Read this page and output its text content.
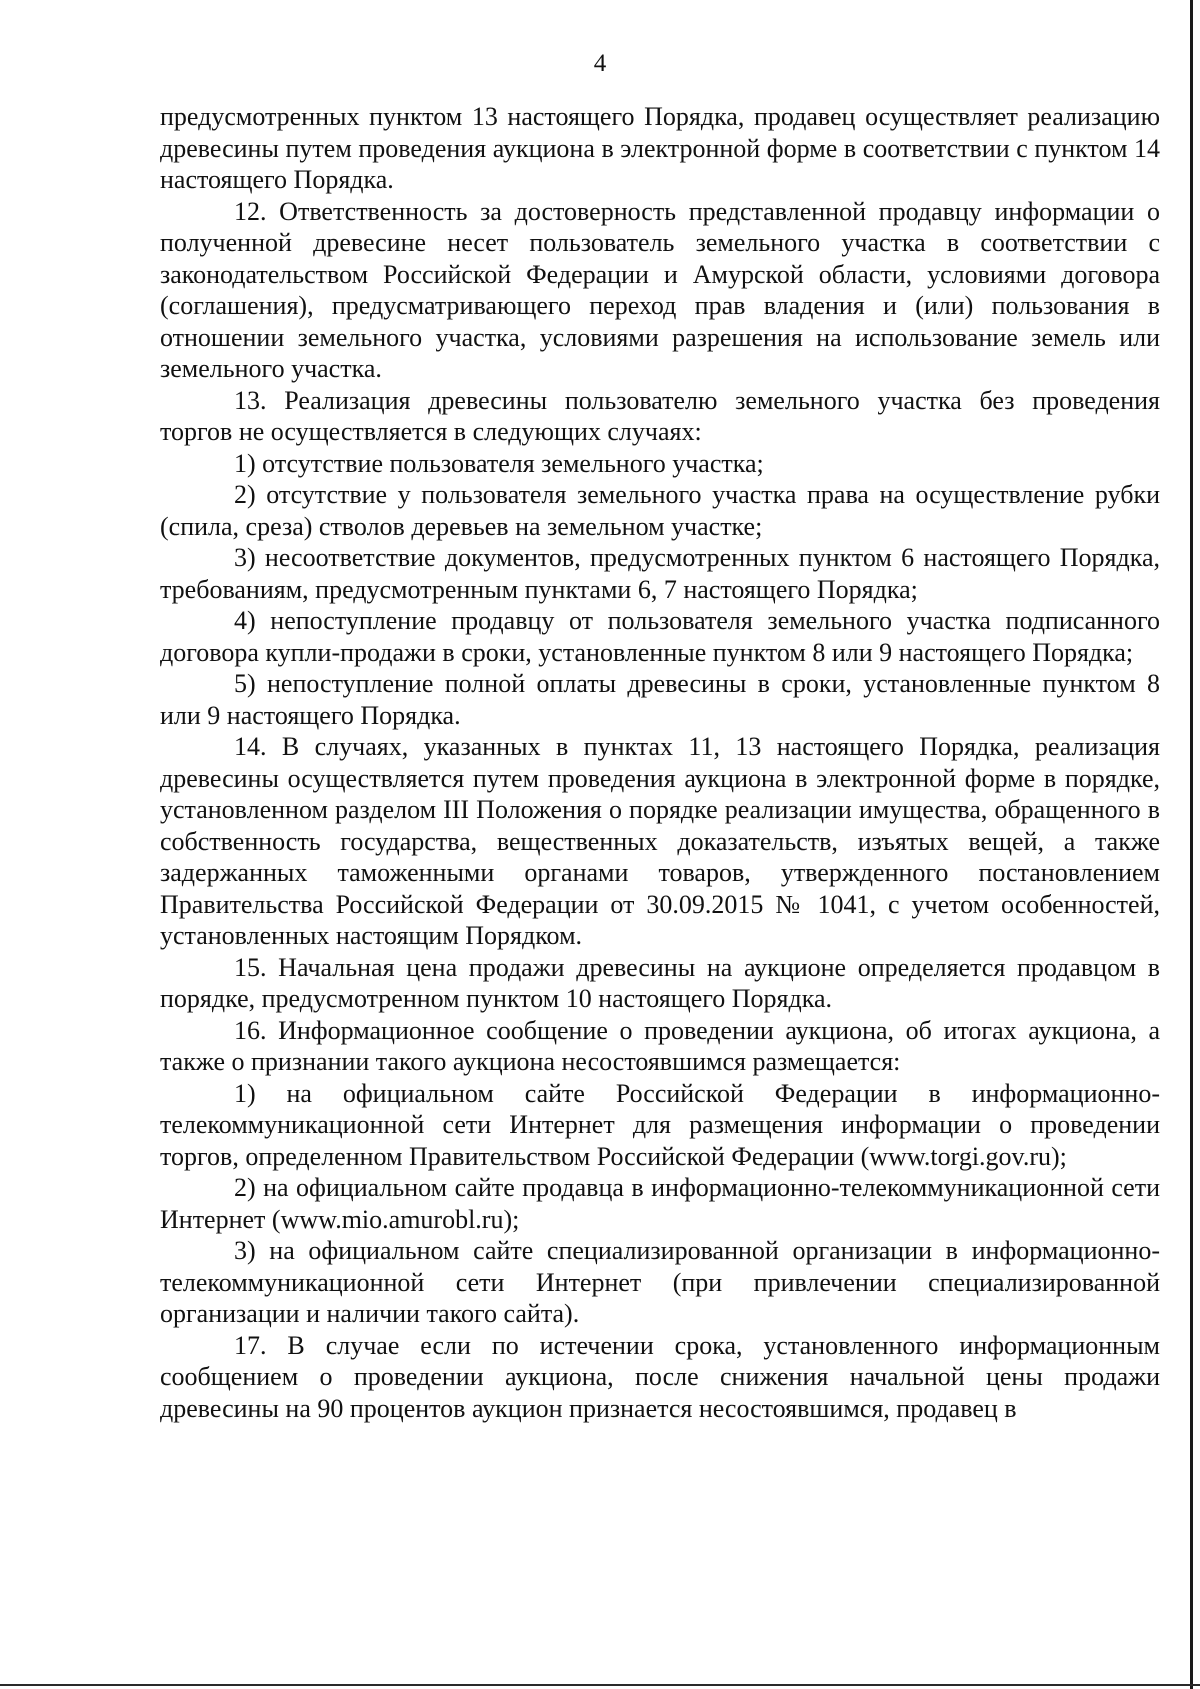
4

предусмотренных пунктом 13 настоящего Порядка, продавец осуществляет реализацию древесины путем проведения аукциона в электронной форме в соответствии с пунктом 14 настоящего Порядка.

12. Ответственность за достоверность представленной продавцу информации о полученной древесине несет пользователь земельного участка в соответствии с законодательством Российской Федерации и Амурской области, условиями договора (соглашения), предусматривающего переход прав владения и (или) пользования в отношении земельного участка, условиями разрешения на использование земель или земельного участка.

13. Реализация древесины пользователю земельного участка без проведения торгов не осуществляется в следующих случаях:

1) отсутствие пользователя земельного участка;

2) отсутствие у пользователя земельного участка права на осуществление рубки (спила, среза) стволов деревьев на земельном участке;

3) несоответствие документов, предусмотренных пунктом 6 настоящего Порядка, требованиям, предусмотренным пунктами 6, 7 настоящего Порядка;

4) непоступление продавцу от пользователя земельного участка подписанного договора купли-продажи в сроки, установленные пунктом 8 или 9 настоящего Порядка;

5) непоступление полной оплаты древесины в сроки, установленные пунктом 8 или 9 настоящего Порядка.

14. В случаях, указанных в пунктах 11, 13 настоящего Порядка, реализация древесины осуществляется путем проведения аукциона в электронной форме в порядке, установленном разделом III Положения о порядке реализации имущества, обращенного в собственность государства, вещественных доказательств, изъятых вещей, а также задержанных таможенными органами товаров, утвержденного постановлением Правительства Российской Федерации от 30.09.2015 № 1041, с учетом особенностей, установленных настоящим Порядком.

15. Начальная цена продажи древесины на аукционе определяется продавцом в порядке, предусмотренном пунктом 10 настоящего Порядка.

16. Информационное сообщение о проведении аукциона, об итогах аукциона, а также о признании такого аукциона несостоявшимся размещается:

1) на официальном сайте Российской Федерации в информационно-телекоммуникационной сети Интернет для размещения информации о проведении торгов, определенном Правительством Российской Федерации (www.torgi.gov.ru);

2) на официальном сайте продавца в информационно-телекоммуникационной сети Интернет (www.mio.amurobl.ru);

3) на официальном сайте специализированной организации в информационно-телекоммуникационной сети Интернет (при привлечении специализированной организации и наличии такого сайта).

17. В случае если по истечении срока, установленного информационным сообщением о проведении аукциона, после снижения начальной цены продажи древесины на 90 процентов аукцион признается несостоявшимся, продавец в
